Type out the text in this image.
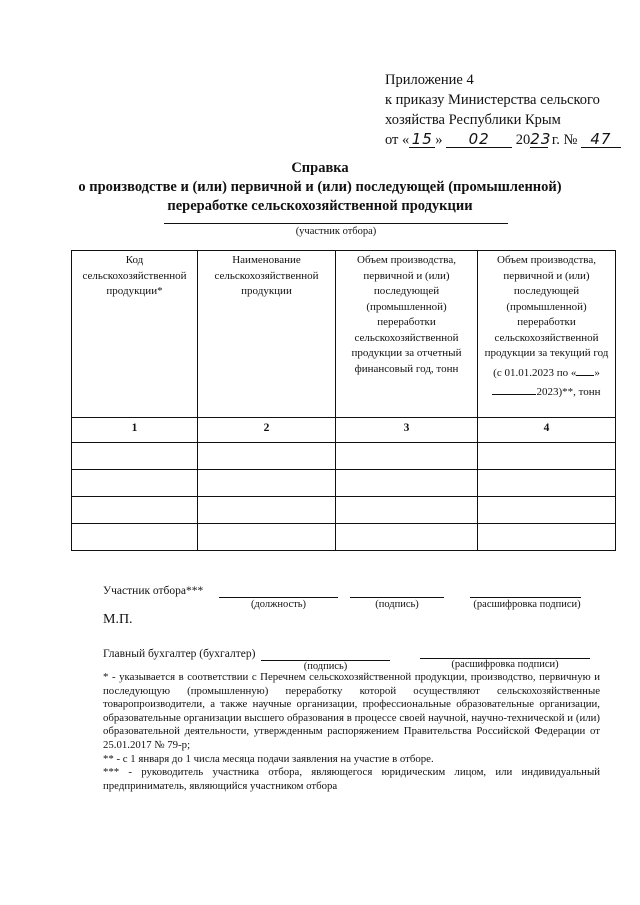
Приложение 4
к приказу Министерства сельского
хозяйства Республики Крым
от « 15 » 02 2023 г. № 47
Справка
о производстве и (или) первичной и (или) последующей (промышленной)
переработке сельскохозяйственной продукции
(участник отбора)
Код сельскохозяйственной продукции*	Наименование сельскохозяйственной продукции	Объем производства, первичной и (или) последующей (промышленной) переработки сельскохозяйственной продукции за отчетный финансовый год, тонн	Объем производства, первичной и (или) последующей (промышленной) переработки сельскохозяйственной продукции за текущий год
(с 01.01.2023 по « »
2023)**, тонн

1	2	3	4

Участник отбора***
(должность)	(подпись)	(расшифровка подписи)
М.П.
Главный бухгалтер (бухгалтер)
(подпись)	(расшифровка подписи)

* - указывается в соответствии с Перечнем сельскохозяйственной продукции, производство, первичную и последующую (промышленную) переработку которой осуществляют сельскохозяйственные товаропроизводители, а также научные организации, профессиональные образовательные организации, образовательные организации высшего образования в процессе своей научной, научно-технической и (или) образовательной деятельности, утвержденным распоряжением Правительства Российской Федерации от 25.01.2017 № 79-р;

** - с 1 января до 1 числа месяца подачи заявления на участие в отборе.

*** - руководитель участника отбора, являющегося юридическим лицом, или индивидуальный предприниматель, являющийся участником отбора
